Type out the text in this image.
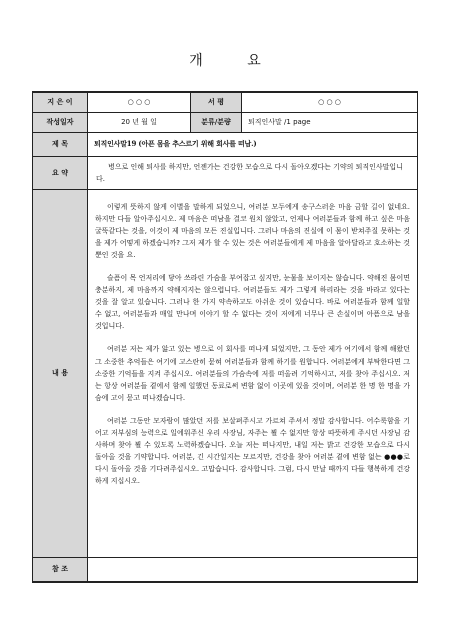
개 요
지 은 이	○ ○ ○	서 평	○ ○ ○
작성일자	20 년 월 일	분류/분량	퇴직인사말 /1 page
제 목	퇴직인사말19 (아픈 몸을 추스르기 위해 회사를 떠남.)		
요 약	병으로 인해 퇴사를 하지만, 언젠가는 건강한 모습으로 다시 돌아오겠다는 기약의 퇴직인사말입니다.		

내 용	이렇게 뜻하지 않게 이별을 말하게 되었으니, 여러분 모두에게 송구스러운 마음 금할 길이 없네요. 하지만 다들 알아주십시오. 제 마음은 떠남을 결코 원치 않았고, 언제나 여러분들과 함께 하고 싶은 마음 굴뚝같다는 것을, 이것이 제 마음의 모든 진실입니다. 그러나 마음의 진실에 이 몸이 받쳐주질 못하는 것을 제가 어떻게 하겠습니까? 그저 제가 할 수 있는 것은 여러분들에게 제 마음을 알아달라고 호소하는 것뿐인 것을 요.

슬픔이 목 언저리에 닿아 쓰라린 가슴을 부여잡고 싶지만, 눈물을 보이지는 않습니다. 약해진 몸이면 충분하지, 제 마음까지 약해지지는 않으렵니다. 여러분들도 제가 그렇게 하리라는 것을 바라고 있다는 것을 잘 알고 있습니다. 그러나 한 가지 약속하고도 아쉬운 것이 있습니다. 바로 여러분들과 함께 일할 수 없고, 여러분들과 매일 만나며 이야기 할 수 없다는 것이 저에게 너무나 큰 손실이며 아픔으로 남을 것입니다.

여러분 저는 제가 앓고 있는 병으로 이 회사를 떠나게 되었지만, 그 동안 제가 여기에서 함께 해왔던 그 소중한 추억들은 여기에 고스란히 묻혀 여러분들과 함께 하기를 원합니다. 여러분에게 부탁한다면 그 소중한 기억들을 지켜 주십시오. 여러분들의 가슴속에 저를 떠올려 기억하시고, 저를 찾아 주십시오. 저는 항상 여러분들 곁에서 함께 일했던 동료로써 변함 없이 이곳에 있을 것이며, 여러분 한 명 한 명을 가슴에 고이 묻고 떠나겠습니다.

여러분 그동안 모자람이 많았던 저를 보살펴주시고 가르쳐 주셔서 정말 감사합니다. 어수룩함을 기어고 저부심의 능력으로 일에워주신 우리 사장님, 자주는 뵐 수 없지만 항상 따뜻하게 주시던 사장님 감사하며 찾아 뵐 수 있도록 노력하겠습니다. 오늘 저는 떠나지만, 내일 저는 밝고 건강한 모습으로 다시 돌아올 것을 기약합니다. 여러분, 긴 시간일지는 모르지만, 건강을 찾아 여러분 곁에 변함 없는 ●●●로 다시 돌아올 것을 기다려주십시오. 고맙습니다. 감사합니다. 그럼, 다시 만날 때까지 다들 행복하게 건강하게 지십시오.		

참 조			
